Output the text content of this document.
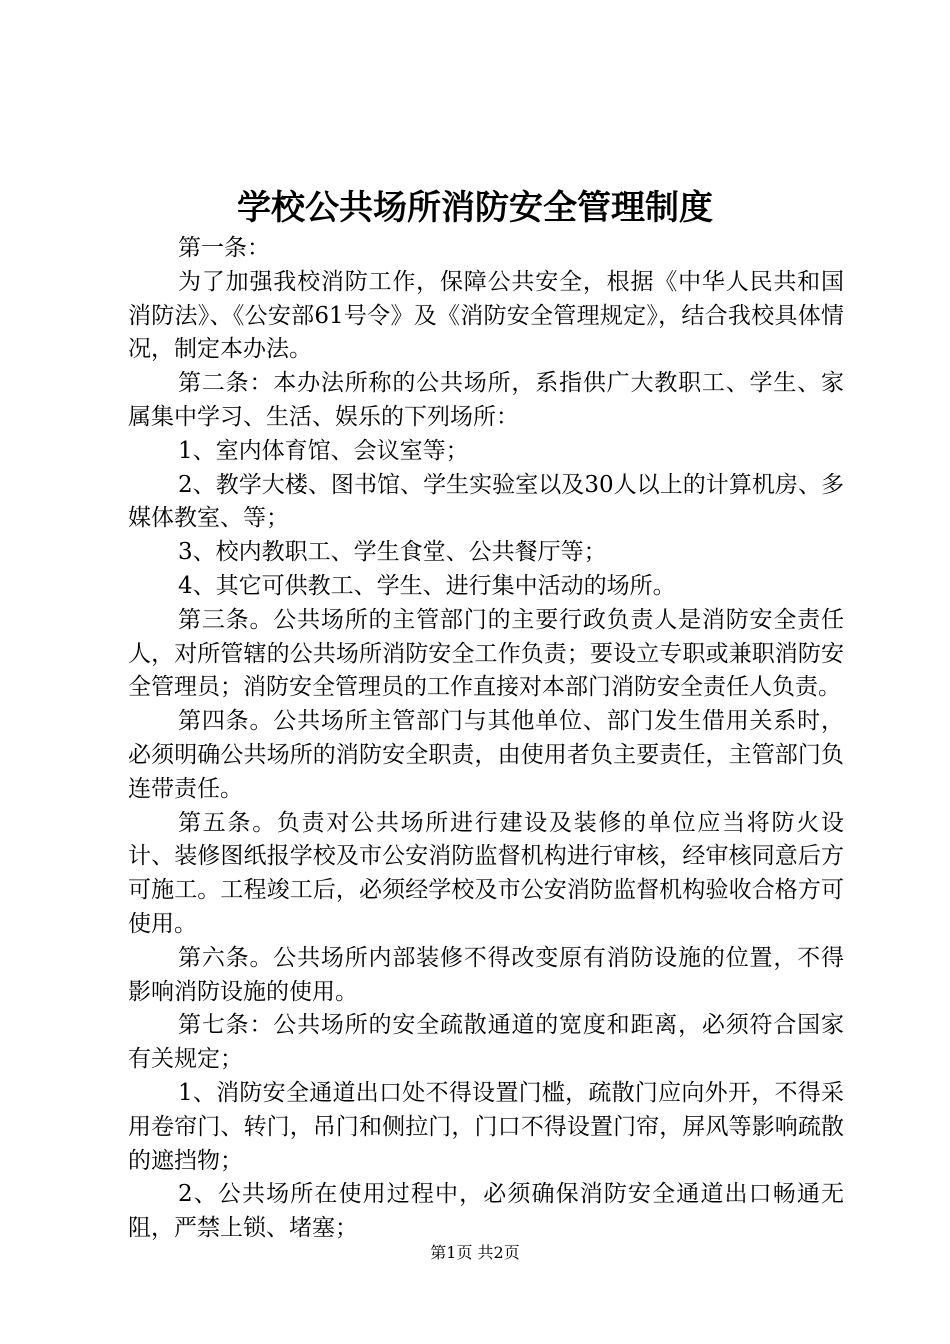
学校公共场所消防安全管理制度

第一条：

为了加强我校消防工作，保障公共安全，根据《中华人民共和国消防法》、《公安部61号令》及《消防安全管理规定》，结合我校具体情况，制定本办法。

第二条：本办法所称的公共场所，系指供广大教职工、学生、家属集中学习、生活、娱乐的下列场所：

1、室内体育馆、会议室等；

2、教学大楼、图书馆、学生实验室以及30人以上的计算机房、多媒体教室、等；

3、校内教职工、学生食堂、公共餐厅等；

4、其它可供教工、学生、进行集中活动的场所。

第三条。公共场所的主管部门的主要行政负责人是消防安全责任人，对所管辖的公共场所消防安全工作负责；要设立专职或兼职消防安全管理员；消防安全管理员的工作直接对本部门消防安全责任人负责。

第四条。公共场所主管部门与其他单位、部门发生借用关系时，必须明确公共场所的消防安全职责，由使用者负主要责任，主管部门负连带责任。

第五条。负责对公共场所进行建设及装修的单位应当将防火设计、装修图纸报学校及市公安消防监督机构进行审核，经审核同意后方可施工。工程竣工后，必须经学校及市公安消防监督机构验收合格方可使用。

第六条。公共场所内部装修不得改变原有消防设施的位置，不得影响消防设施的使用。

第七条：公共场所的安全疏散通道的宽度和距离，必须符合国家有关规定；

1、消防安全通道出口处不得设置门槛，疏散门应向外开，不得采用卷帘门、转门，吊门和侧拉门，门口不得设置门帘，屏风等影响疏散的遮挡物；

2、公共场所在使用过程中，必须确保消防安全通道出口畅通无阻，严禁上锁、堵塞；

第1页 共2页
